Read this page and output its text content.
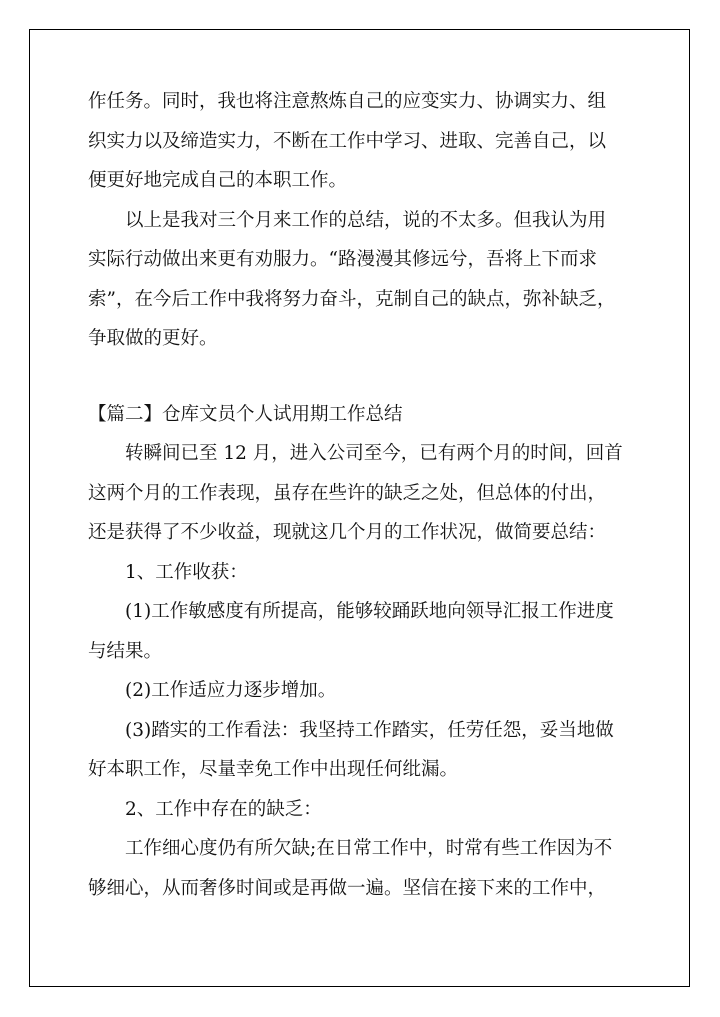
作任务。同时，我也将注意熬炼自己的应变实力、协调实力、组
织实力以及缔造实力，不断在工作中学习、进取、完善自己，以
便更好地完成自己的本职工作。
以上是我对三个月来工作的总结，说的不太多。但我认为用
实际行动做出来更有劝服力。“路漫漫其修远兮，吾将上下而求
索”，在今后工作中我将努力奋斗，克制自己的缺点，弥补缺乏，
争取做的更好。
【篇二】仓库文员个人试用期工作总结
转瞬间已至 12 月，进入公司至今，已有两个月的时间，回首
这两个月的工作表现，虽存在些许的缺乏之处，但总体的付出，
还是获得了不少收益，现就这几个月的工作状况，做简要总结：
1、工作收获：
(1)工作敏感度有所提高，能够较踊跃地向领导汇报工作进度
与结果。
(2)工作适应力逐步增加。
(3)踏实的工作看法：我坚持工作踏实，任劳任怨，妥当地做
好本职工作，尽量幸免工作中出现任何纰漏。
2、工作中存在的缺乏：
工作细心度仍有所欠缺;在日常工作中，时常有些工作因为不
够细心，从而奢侈时间或是再做一遍。坚信在接下来的工作中，
